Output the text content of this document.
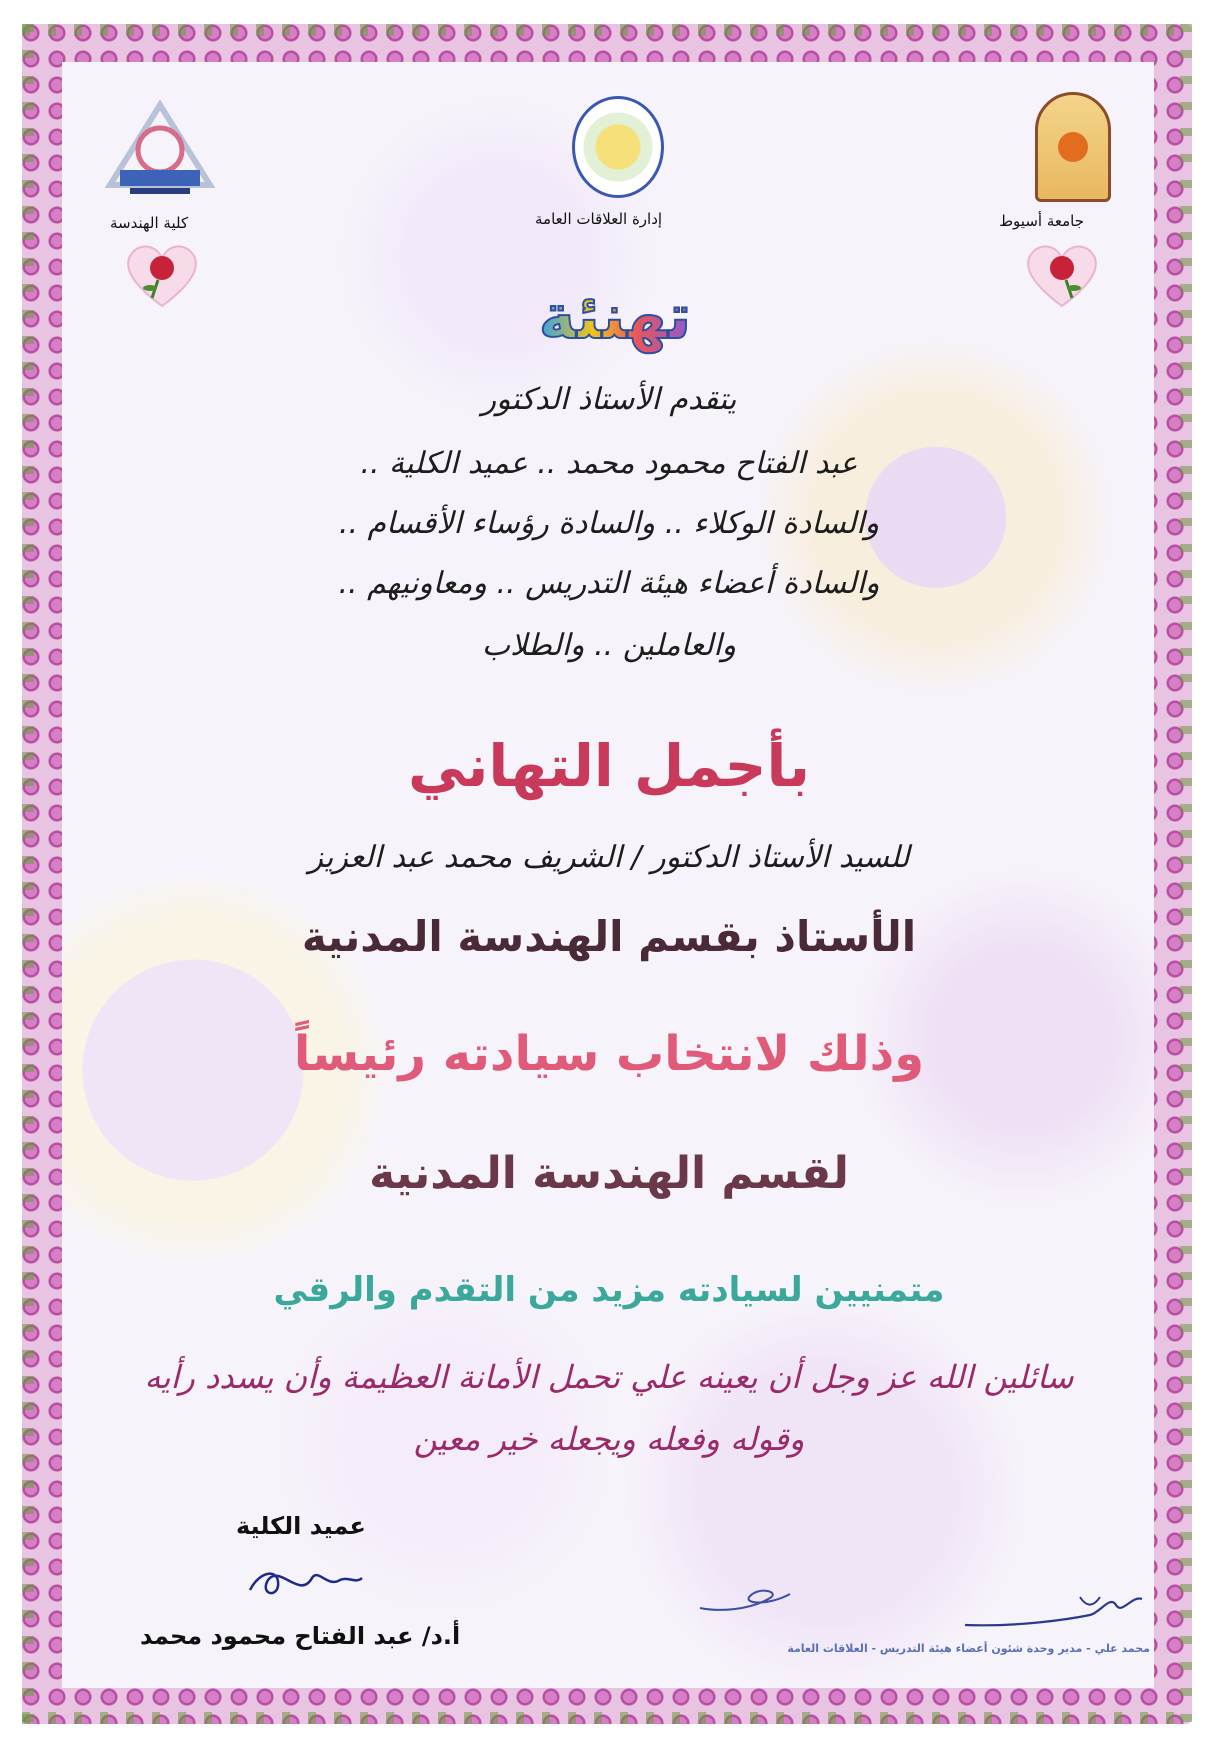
جامعة أسيوط
إدارة العلاقات العامة
كلية الهندسة
تهنئة
يتقدم الأستاذ الدكتور
عبد الفتاح محمود محمد .. عميد الكلية ..
والسادة الوكلاء .. والسادة رؤساء الأقسام ..
والسادة أعضاء هيئة التدريس .. ومعاونيهم ..
والعاملين .. والطلاب
بأجمل التهاني
للسيد الأستاذ الدكتور / الشريف محمد عبد العزيز
الأستاذ بقسم الهندسة المدنية
وذلك لانتخاب سيادته رئيساً
لقسم الهندسة المدنية
متمنيين لسيادته مزيد من التقدم والرقي
سائلين الله عز وجل أن يعينه علي تحمل الأمانة العظيمة وأن يسدد رأيه
وقوله وفعله ويجعله خير معين
عميد الكلية
أ.د/ عبد الفتاح محمود محمد	محمد علي - مدير وحدة شئون أعضاء هيئة التدريس - العلاقات العامة
